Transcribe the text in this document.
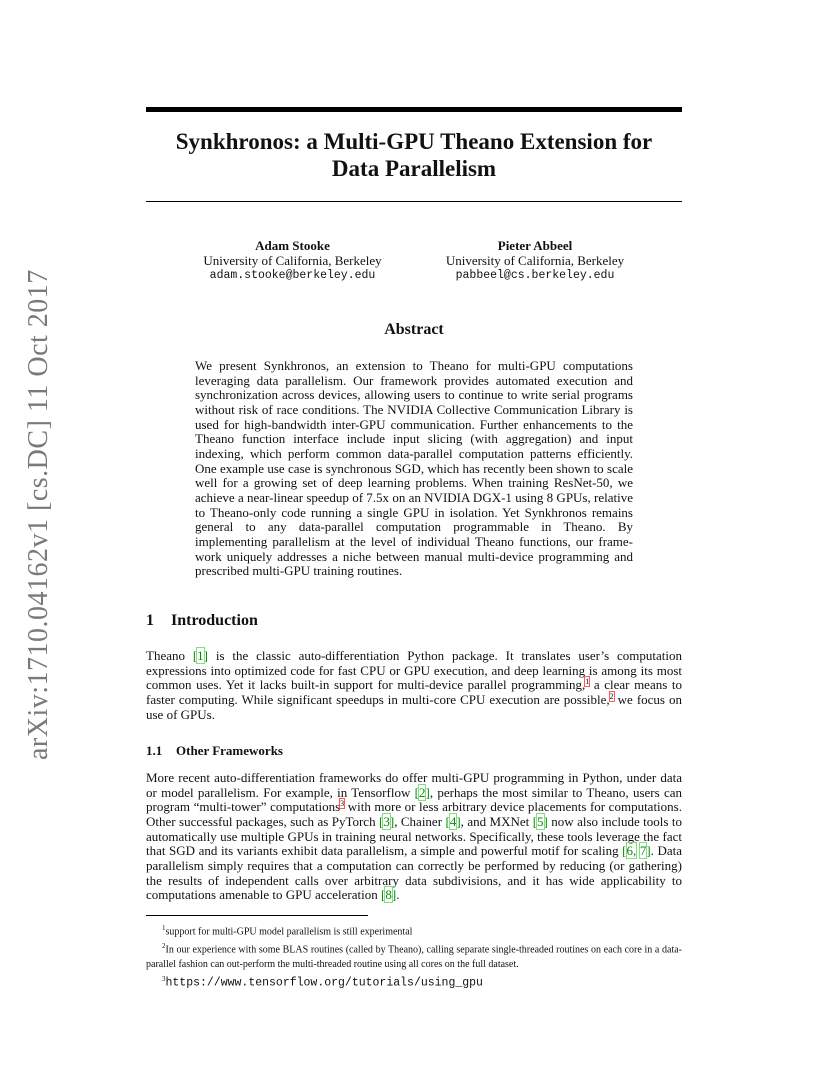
arXiv:1710.04162v1 [cs.DC] 11 Oct 2017
Synkhronos: a Multi-GPU Theano Extension for
Data Parallelism
Adam Stooke
University of California, Berkeley
adam.stooke@berkeley.edu
Pieter Abbeel
University of California, Berkeley
pabbeel@cs.berkeley.edu
Abstract

We present Synkhronos, an extension to Theano for multi-GPU computations leveraging data parallelism. Our framework provides automated execution and synchronization across devices, allowing users to continue to write serial programs without risk of race conditions. The NVIDIA Collective Communication Library is used for high-bandwidth inter-GPU communication. Further enhancements to the Theano function interface include input slicing (with aggregation) and input indexing, which perform common data-parallel computation patterns efficiently. One example use case is synchronous SGD, which has recently been shown to scale well for a growing set of deep learning problems. When training ResNet-50, we achieve a near-linear speedup of 7.5x on an NVIDIA DGX-1 using 8 GPUs, relative to Theano-only code running a single GPU in isolation. Yet Synkhronos remains general to any data-parallel computation programmable in Theano. By implementing parallelism at the level of individual Theano functions, our frame-work uniquely addresses a niche between manual multi-device programming and prescribed multi-GPU training routines.

1 Introduction

Theano [1] is the classic auto-differentiation Python package. It translates user’s computation expressions into optimized code for fast CPU or GPU execution, and deep learning is among its most common uses. Yet it lacks built-in support for multi-device parallel programming,$^1$ a clear means to faster computing. While significant speedups in multi-core CPU execution are possible,$^2$ we focus on use of GPUs.

1.1 Other Frameworks

More recent auto-differentiation frameworks do offer multi-GPU programming in Python, under data or model parallelism. For example, in Tensorflow [2], perhaps the most similar to Theano, users can program “multi-tower” computations$^3$ with more or less arbitrary device placements for computations. Other successful packages, such as PyTorch [3], Chainer [4], and MXNet [5] now also include tools to automatically use multiple GPUs in training neural networks. Specifically, these tools leverage the fact that SGD and its variants exhibit data parallelism, a simple and powerful motif for scaling [6, 7]. Data parallelism simply requires that a computation can correctly be performed by reducing (or gathering) the results of independent calls over arbitrary data subdivisions, and it has wide applicability to computations amenable to GPU acceleration [8].

$^1$support for multi-GPU model parallelism is still experimental

$^2$In our experience with some BLAS routines (called by Theano), calling separate single-threaded routines on each core in a data-parallel fashion can out-perform the multi-threaded routine using all cores on the full dataset.

$^3$https://www.tensorflow.org/tutorials/using_gpu
